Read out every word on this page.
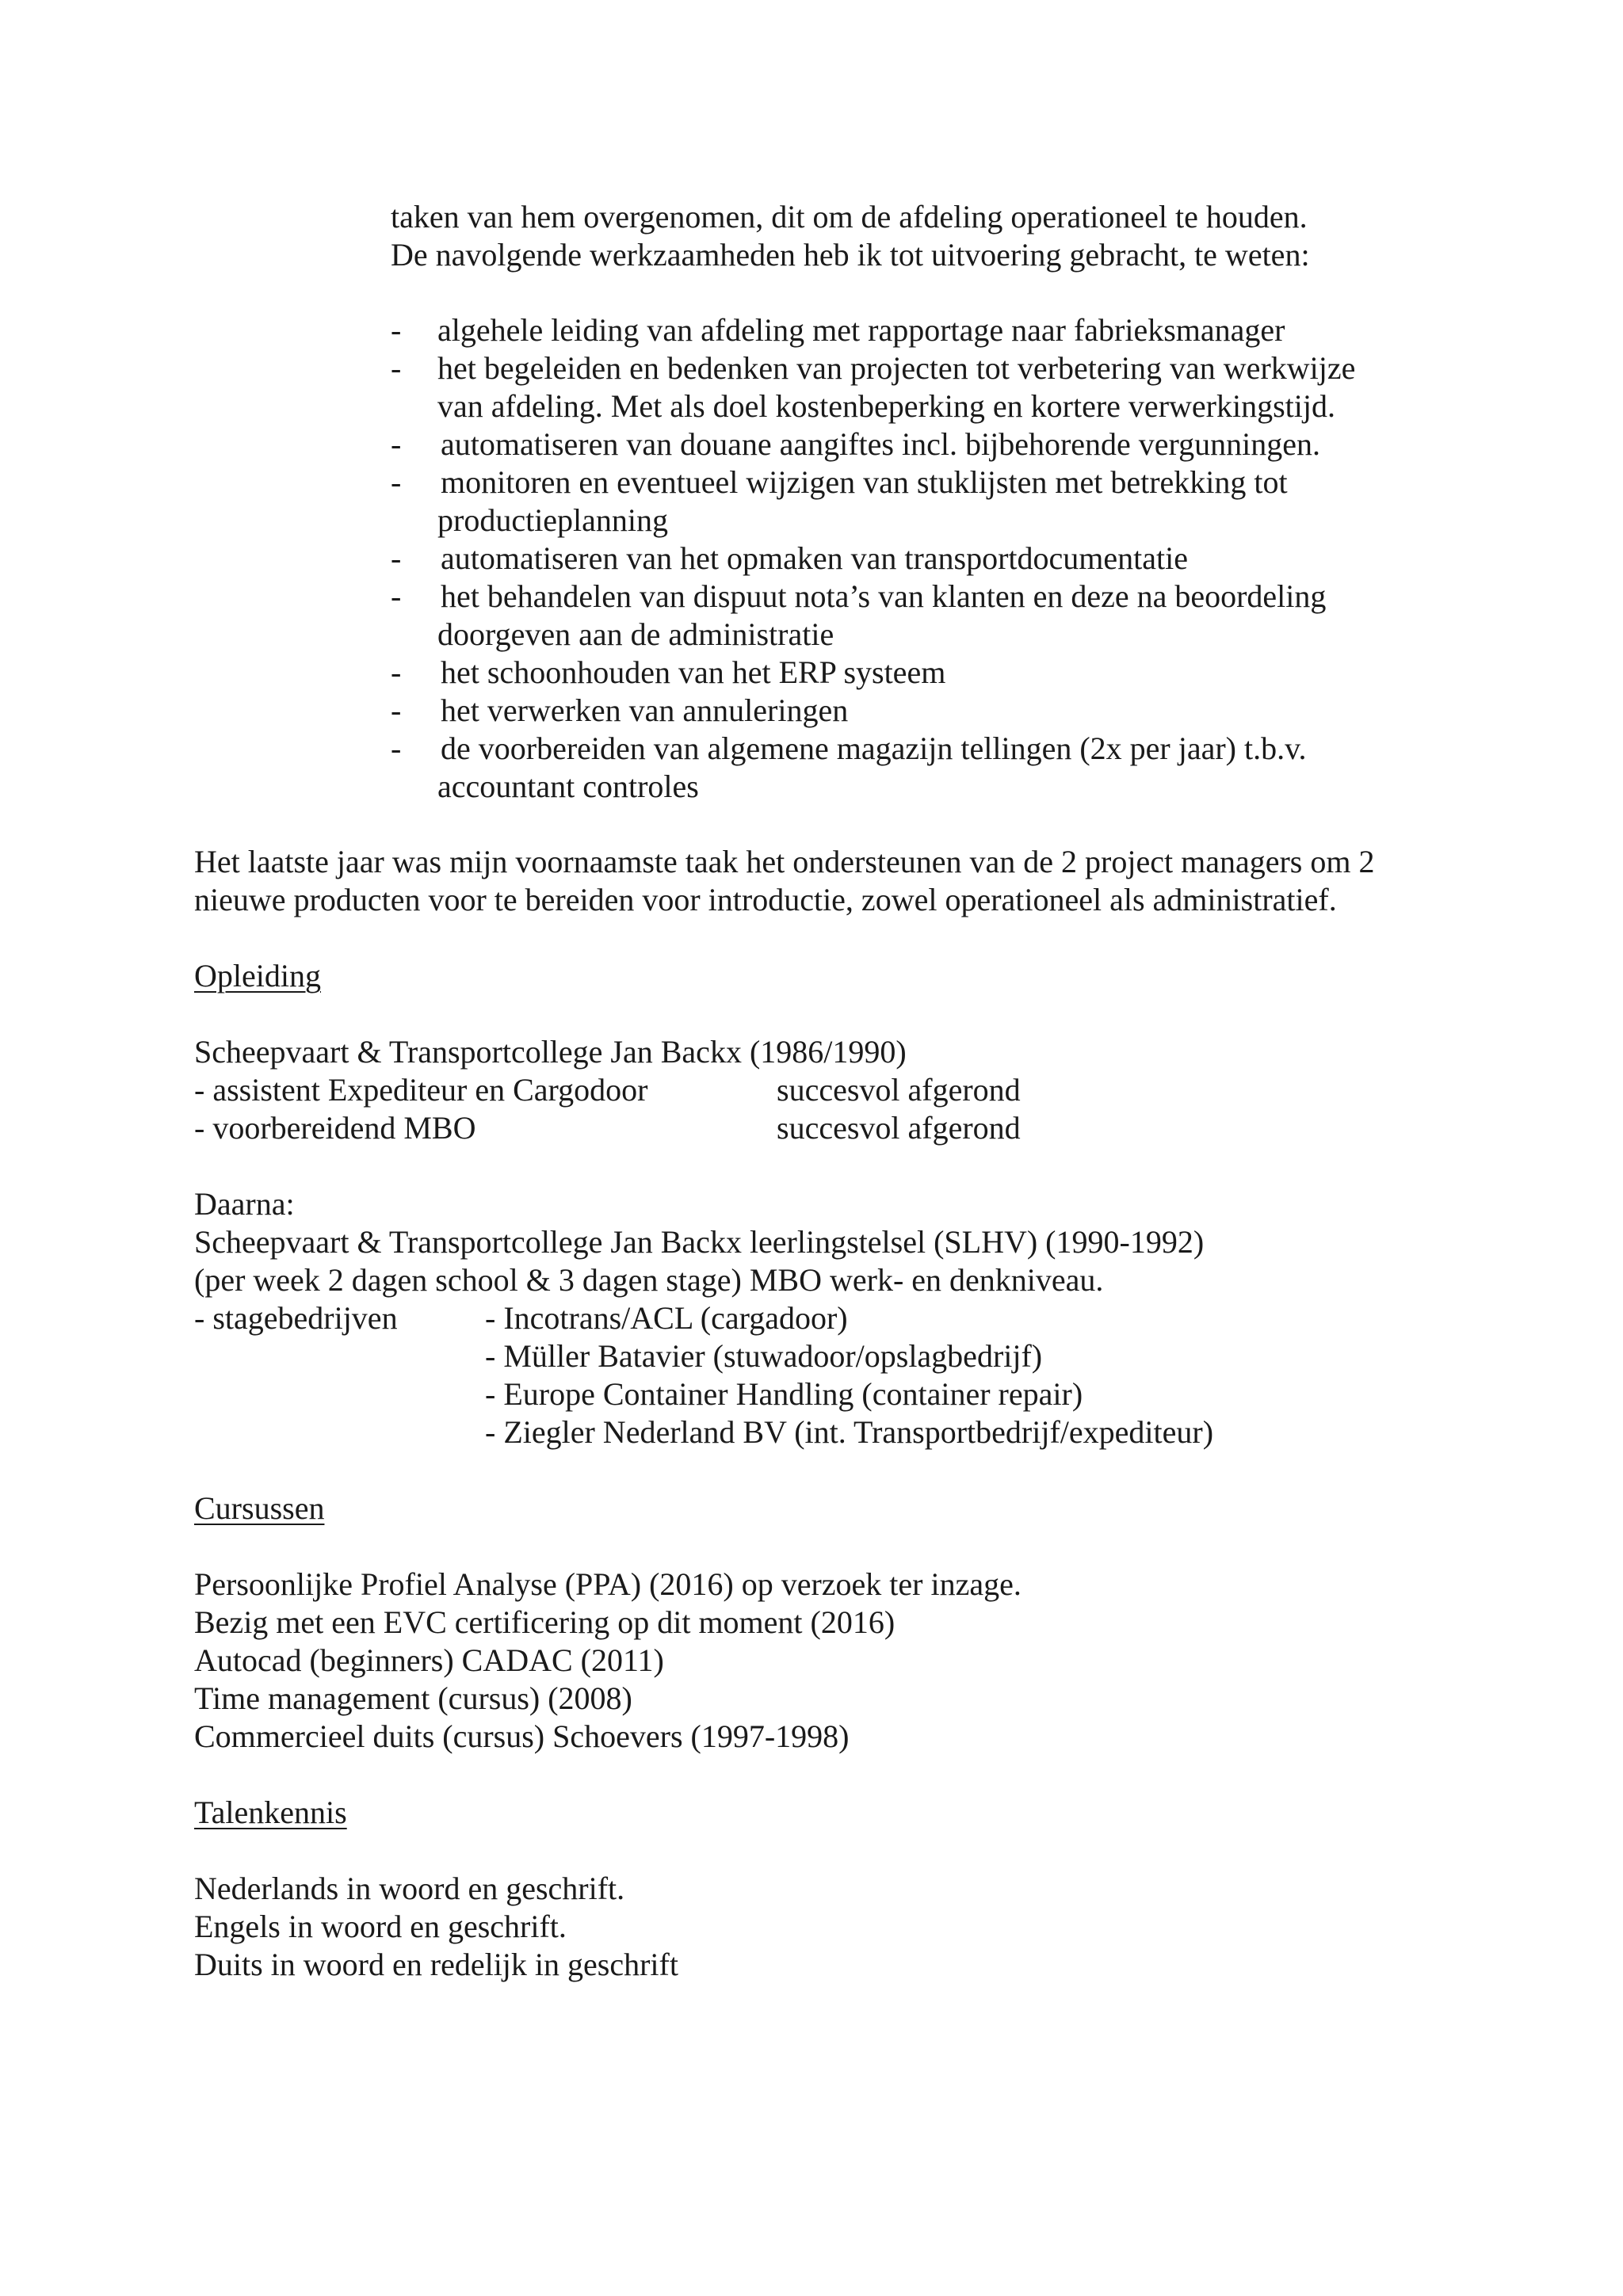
taken van hem overgenomen, dit om de afdeling operationeel te houden.
De navolgende werkzaamheden heb ik tot uitvoering gebracht, te weten:
- algehele leiding van afdeling met rapportage naar fabrieksmanager
- het begeleiden en bedenken van projecten tot verbetering van werkwijze
van afdeling. Met als doel kostenbeperking en kortere verwerkingstijd.
- automatiseren van douane aangiftes incl. bijbehorende vergunningen.
- monitoren en eventueel wijzigen van stuklijsten met betrekking tot
productieplanning
- automatiseren van het opmaken van transportdocumentatie
- het behandelen van dispuut nota’s van klanten en deze na beoordeling
doorgeven aan de administratie
- het schoonhouden van het ERP systeem
- het verwerken van annuleringen
- de voorbereiden van algemene magazijn tellingen (2x per jaar) t.b.v.
accountant controles
Het laatste jaar was mijn voornaamste taak het ondersteunen van de 2 project managers om 2
nieuwe producten voor te bereiden voor introductie, zowel operationeel als administratief.
Opleiding
Scheepvaart & Transportcollege Jan Backx (1986/1990)
- assistent Expediteur en Cargodoor	succesvol afgerond
- voorbereidend MBO	succesvol afgerond
Daarna:
Scheepvaart & Transportcollege Jan Backx leerlingstelsel (SLHV) (1990-1992)
(per week 2 dagen school & 3 dagen stage) MBO werk- en denkniveau.
- stagebedrijven	- Incotrans/ACL (cargadoor)
- Müller Batavier (stuwadoor/opslagbedrijf)
- Europe Container Handling (container repair)
- Ziegler Nederland BV (int. Transportbedrijf/expediteur)
Cursussen
Persoonlijke Profiel Analyse (PPA) (2016) op verzoek ter inzage.
Bezig met een EVC certificering op dit moment (2016)
Autocad (beginners) CADAC (2011)
Time management (cursus) (2008)
Commercieel duits (cursus) Schoevers (1997-1998)
Talenkennis
Nederlands in woord en geschrift.
Engels in woord en geschrift.
Duits in woord en redelijk in geschrift
